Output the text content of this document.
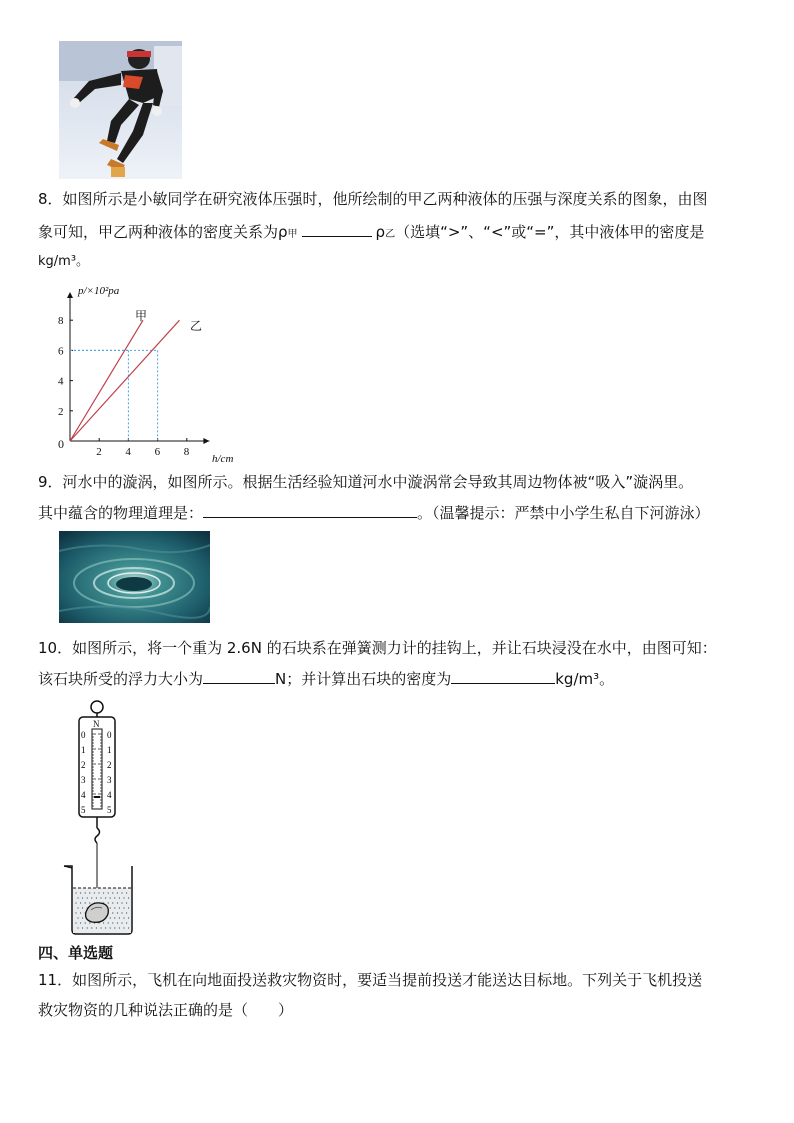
8．如图所示是小敏同学在研究液体压强时，他所绘制的甲乙两种液体的压强与深度关系的图象，由图
象可知，甲乙两种液体的密度关系为ρ甲	ρ乙（选填“>”、“<”或“=”，其中液体甲的密度是
kg/m³。
2 4 6 8
2
4
6
8
p/×10²pa
h/cm
0
甲
乙
9．河水中的漩涡，如图所示。根据生活经验知道河水中漩涡常会导致其周边物体被“吸入”漩涡里。
其中蕴含的物理道理是：	。（温馨提示：严禁中小学生私自下河游泳）
10．如图所示，将一个重为 2.6N 的石块系在弹簧测力计的挂钩上，并让石块浸没在水中，由图可知：
该石块所受的浮力大小为	N；并计算出石块的密度为	kg/m³。
N
0
1
2
3
4
5
0
1
2
3
4
5
四、单选题
11．如图所示，飞机在向地面投送救灾物资时，要适当提前投送才能送达目标地。下列关于飞机投送
救灾物资的几种说法正确的是（　　）
